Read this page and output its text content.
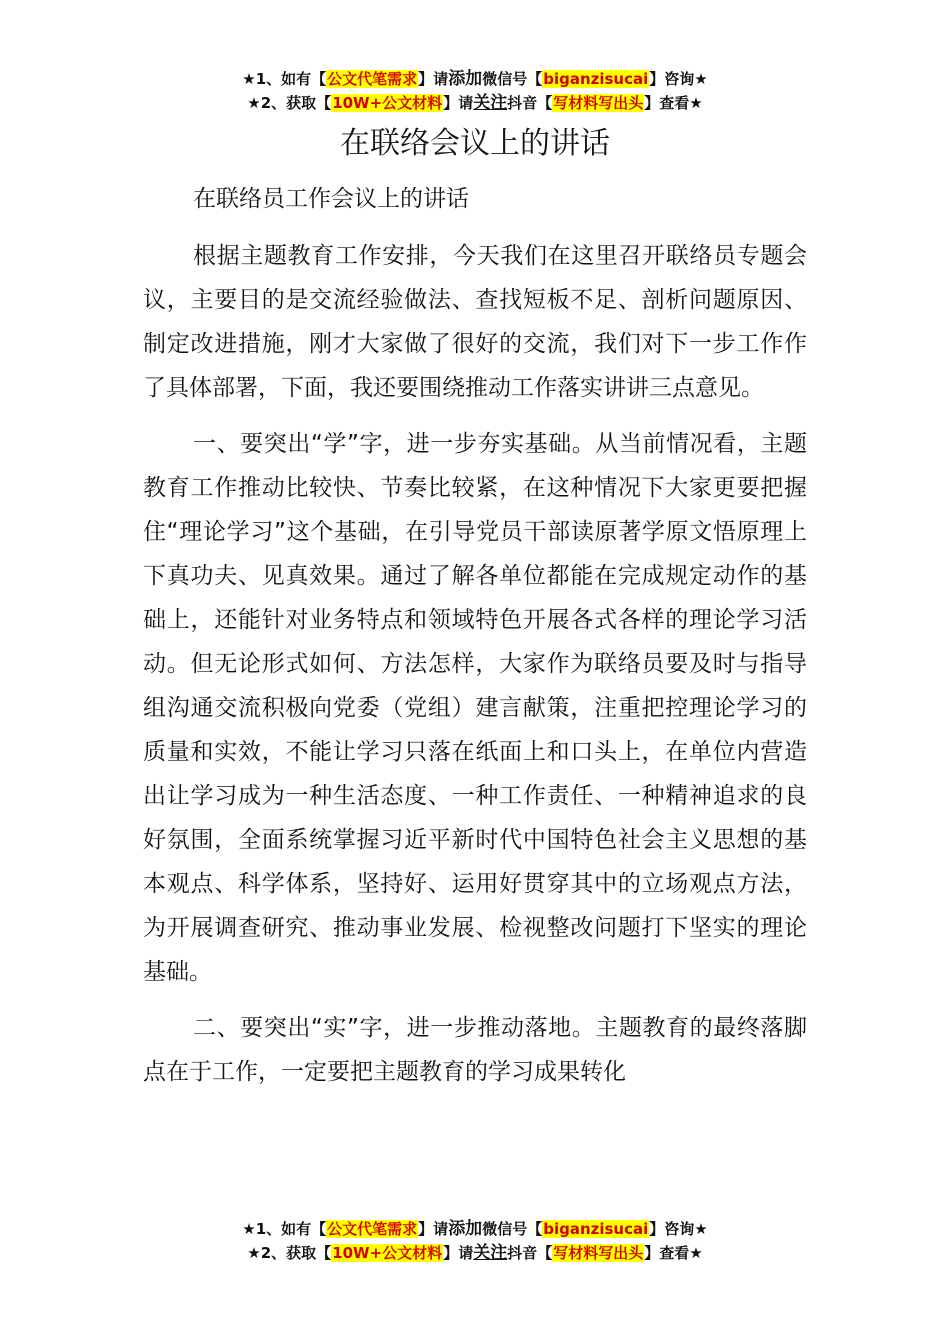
★1、如有【公文代笔需求】请添加微信号【biganzisucai】咨询★
★2、获取【10W+公文材料】请关注抖音【写材料写出头】查看★
在联络会议上的讲话

在联络员工作会议上的讲话

根据主题教育工作安排，今天我们在这里召开联络员专题会议，主要目的是交流经验做法、查找短板不足、剖析问题原因、制定改进措施，刚才大家做了很好的交流，我们对下一步工作作了具体部署，下面，我还要围绕推动工作落实讲讲三点意见。

一、要突出“学”字，进一步夯实基础。从当前情况看，主题教育工作推动比较快、节奏比较紧，在这种情况下大家更要把握住“理论学习”这个基础，在引导党员干部读原著学原文悟原理上下真功夫、见真效果。通过了解各单位都能在完成规定动作的基础上，还能针对业务特点和领域特色开展各式各样的理论学习活动。但无论形式如何、方法怎样，大家作为联络员要及时与指导组沟通交流积极向党委（党组）建言献策，注重把控理论学习的质量和实效，不能让学习只落在纸面上和口头上，在单位内营造出让学习成为一种生活态度、一种工作责任、一种精神追求的良好氛围，全面系统掌握习近平新时代中国特色社会主义思想的基本观点、科学体系，坚持好、运用好贯穿其中的立场观点方法，为开展调查研究、推动事业发展、检视整改问题打下坚实的理论基础。

二、要突出“实”字，进一步推动落地。主题教育的最终落脚点在于工作，一定要把主题教育的学习成果转化

★1、如有【公文代笔需求】请添加微信号【biganzisucai】咨询★
★2、获取【10W+公文材料】请关注抖音【写材料写出头】查看★
